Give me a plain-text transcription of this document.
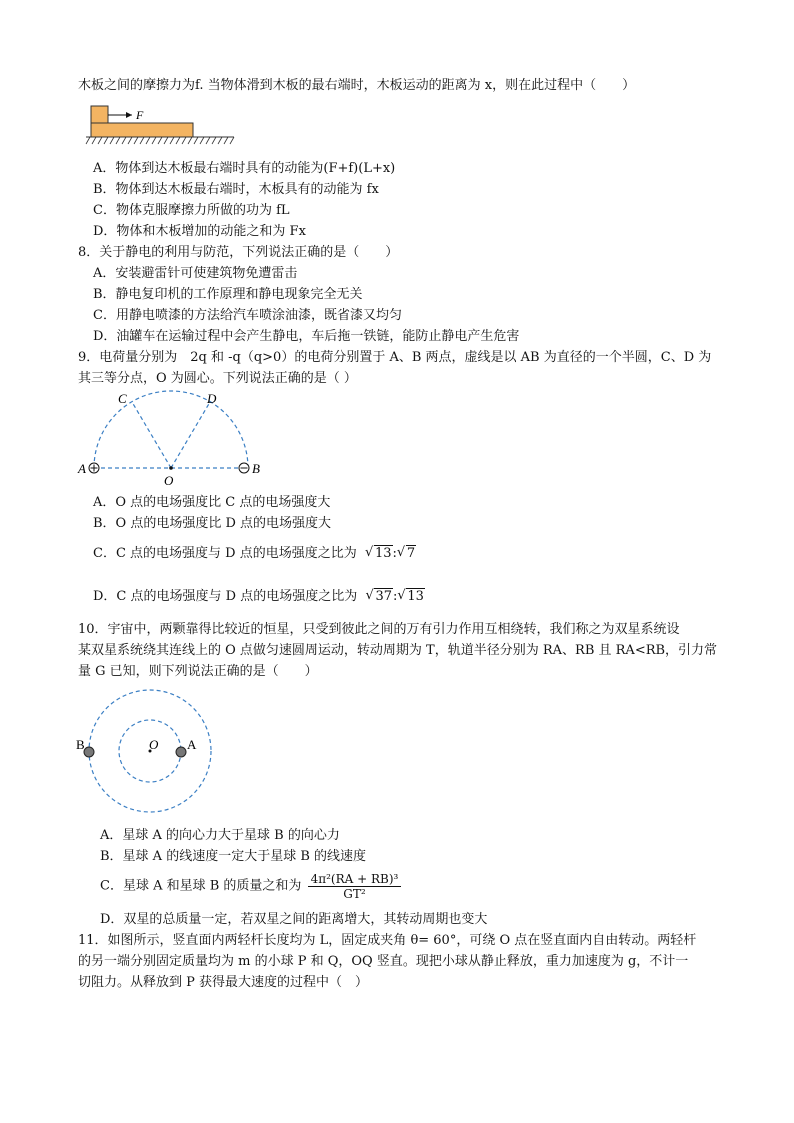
木板之间的摩擦力为f. 当物体滑到木板的最右端时，木板运动的距离为 x，则在此过程中（　　）
F
A．物体到达木板最右端时具有的动能为(F+f)(L+x)
B．物体到达木板最右端时，木板具有的动能为 fx
C．物体克服摩擦力所做的功为 fL
D．物体和木板增加的动能之和为 Fx
8．关于静电的利用与防范，下列说法正确的是（　　）
A．安装避雷针可使建筑物免遭雷击
B．静电复印机的工作原理和静电现象完全无关
C．用静电喷漆的方法给汽车喷涂油漆，既省漆又均匀
D．油罐车在运输过程中会产生静电，车后拖一铁链，能防止静电产生危害
9．电荷量分别为　2q 和 -q（q>0）的电荷分别置于 A、B 两点，虚线是以 AB 为直径的一个半圆，C、D 为
其三等分点，O 为圆心。下列说法正确的是（ ）
A	B
C	D
O
A．O 点的电场强度比 C 点的电场强度大
B．O 点的电场强度比 D 点的电场强度大
C．C 点的电场强度与 D 点的电场强度之比为 √ 13: √ 7
D．C 点的电场强度与 D 点的电场强度之比为 √ 37: √ 13
10．宇宙中，两颗靠得比较近的恒星，只受到彼此之间的万有引力作用互相绕转，我们称之为双星系统设
某双星系统绕其连线上的 O 点做匀速圆周运动，转动周期为 T，轨道半径分别为 RA、RB 且 RA<RB，引力常
量 G 已知，则下列说法正确的是（　　）
B	A
O
A．星球 A 的向心力大于星球 B 的向心力
B．星球 A 的线速度一定大于星球 B 的线速度
C．星球 A 和星球 B 的质量之和为 $\frac{\text{4π²(RA + RB)³}}{\text{GT²}}$
D．双星的总质量一定，若双星之间的距离增大，其转动周期也变大
11．如图所示，竖直面内两轻杆长度均为 L，固定成夹角 θ= 60°，可绕 O 点在竖直面内自由转动。两轻杆
的另一端分别固定质量均为 m 的小球 P 和 Q，OQ 竖直。现把小球从静止释放，重力加速度为 g，不计一
切阻力。从释放到 P 获得最大速度的过程中（　）
